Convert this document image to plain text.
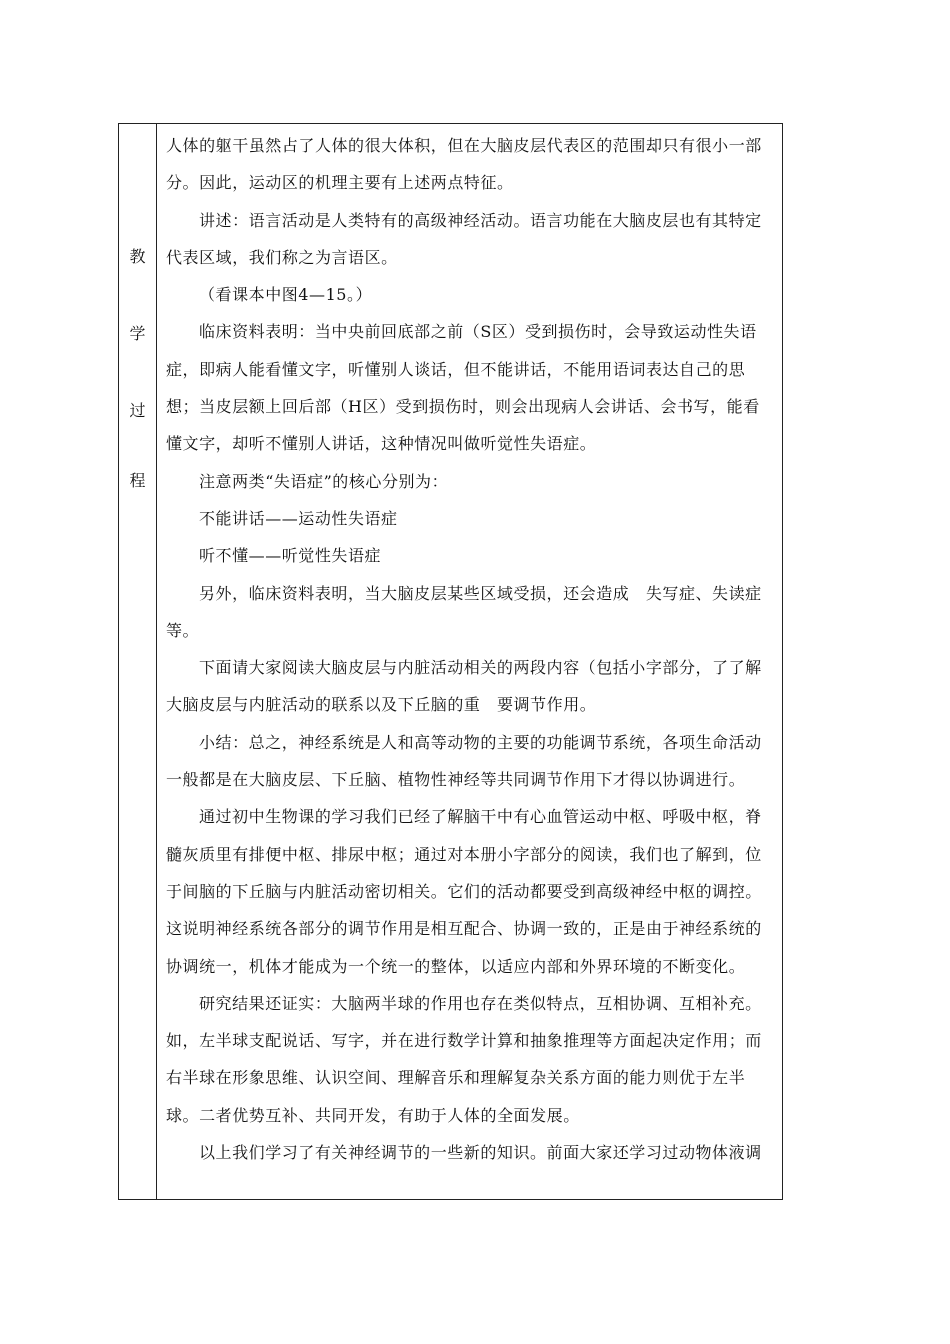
教
学
过
程
人体的躯干虽然占了人体的很大体积，但在大脑皮层代表区的范围却只有很小一部
分。因此，运动区的机理主要有上述两点特征。
讲述：语言活动是人类特有的高级神经活动。语言功能在大脑皮层也有其特定
代表区域，我们称之为言语区。
（看课本中图4—15。）
临床资料表明：当中央前回底部之前（S区）受到损伤时，会导致运动性失语
症，即病人能看懂文字，听懂别人谈话，但不能讲话，不能用语词表达自己的思
想；当皮层额上回后部（H区）受到损伤时，则会出现病人会讲话、会书写，能看
懂文字，却听不懂别人讲话，这种情况叫做听觉性失语症。
注意两类“失语症”的核心分别为：
不能讲话——运动性失语症
听不懂——听觉性失语症
另外，临床资料表明，当大脑皮层某些区域受损，还会造成　失写症、失读症
等。
下面请大家阅读大脑皮层与内脏活动相关的两段内容（包括小字部分，了了解
大脑皮层与内脏活动的联系以及下丘脑的重　要调节作用。
小结：总之，神经系统是人和高等动物的主要的功能调节系统，各项生命活动
一般都是在大脑皮层、下丘脑、植物性神经等共同调节作用下才得以协调进行。
通过初中生物课的学习我们已经了解脑干中有心血管运动中枢、呼吸中枢，脊
髓灰质里有排便中枢、排尿中枢；通过对本册小字部分的阅读，我们也了解到，位
于间脑的下丘脑与内脏活动密切相关。它们的活动都要受到高级神经中枢的调控。
这说明神经系统各部分的调节作用是相互配合、协调一致的，正是由于神经系统的
协调统一，机体才能成为一个统一的整体，以适应内部和外界环境的不断变化。
研究结果还证实：大脑两半球的作用也存在类似特点，互相协调、互相补充。
如，左半球支配说话、写字，并在进行数学计算和抽象推理等方面起决定作用；而
右半球在形象思维、认识空间、理解音乐和理解复杂关系方面的能力则优于左半
球。二者优势互补、共同开发，有助于人体的全面发展。
以上我们学习了有关神经调节的一些新的知识。前面大家还学习过动物体液调
